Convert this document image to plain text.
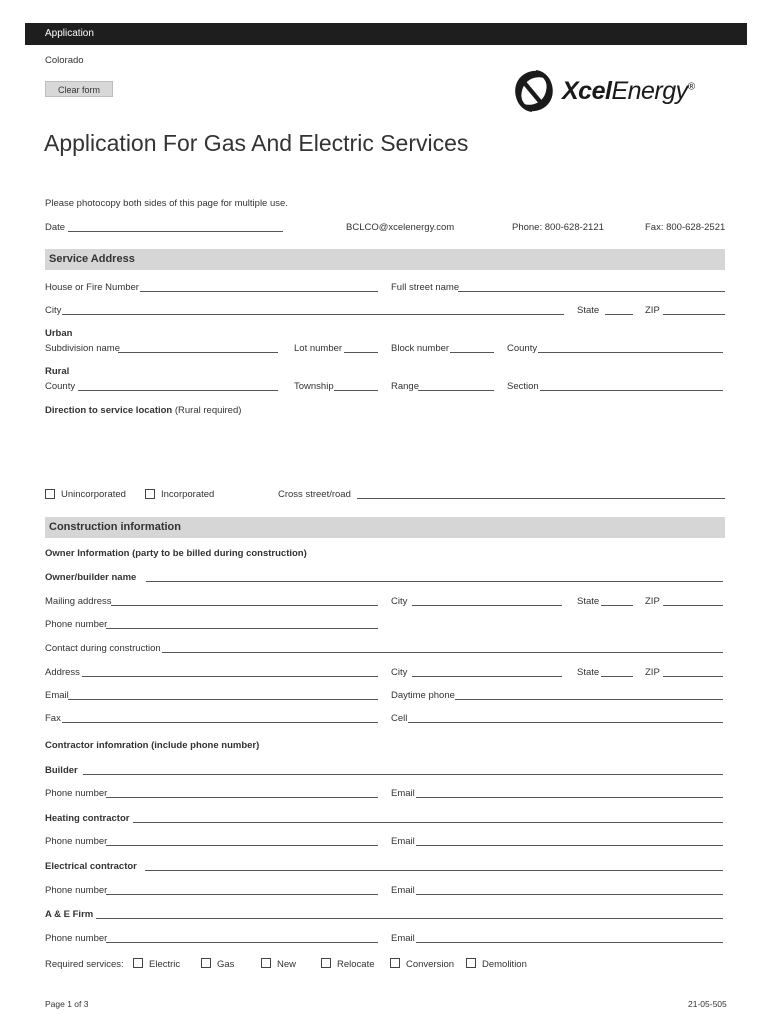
Application
Colorado
Clear form	XcelEnergy®
Application For Gas And Electric Services
Please photocopy both sides of this page for multiple use.
Date	BCLCO@xcelenergy.com	Phone: 800-628-2121	Fax: 800-628-2521
Service Address
House or Fire Number	Full street name
City	State	ZIP
Urban
Subdivision name	Lot number	Block number	County
Rural
County	Township	Range	Section
Direction to service location (Rural required)
Unincorporated	Incorporated	Cross street/road
Construction information
Owner Information (party to be billed during construction)
Owner/builder name
Mailing address	City	State	ZIP
Phone number
Contact during construction
Address	City	State	ZIP
Email	Daytime phone
Fax	Cell
Contractor infomration (include phone number)
Builder
Phone number	Email
Heating contractor
Phone number	Email
Electrical contractor
Phone number	Email
A & E Firm
Phone number	Email
Required services:	Electric	Gas	New	Relocate	Conversion	Demolition
Page 1 of 3	21-05-505
